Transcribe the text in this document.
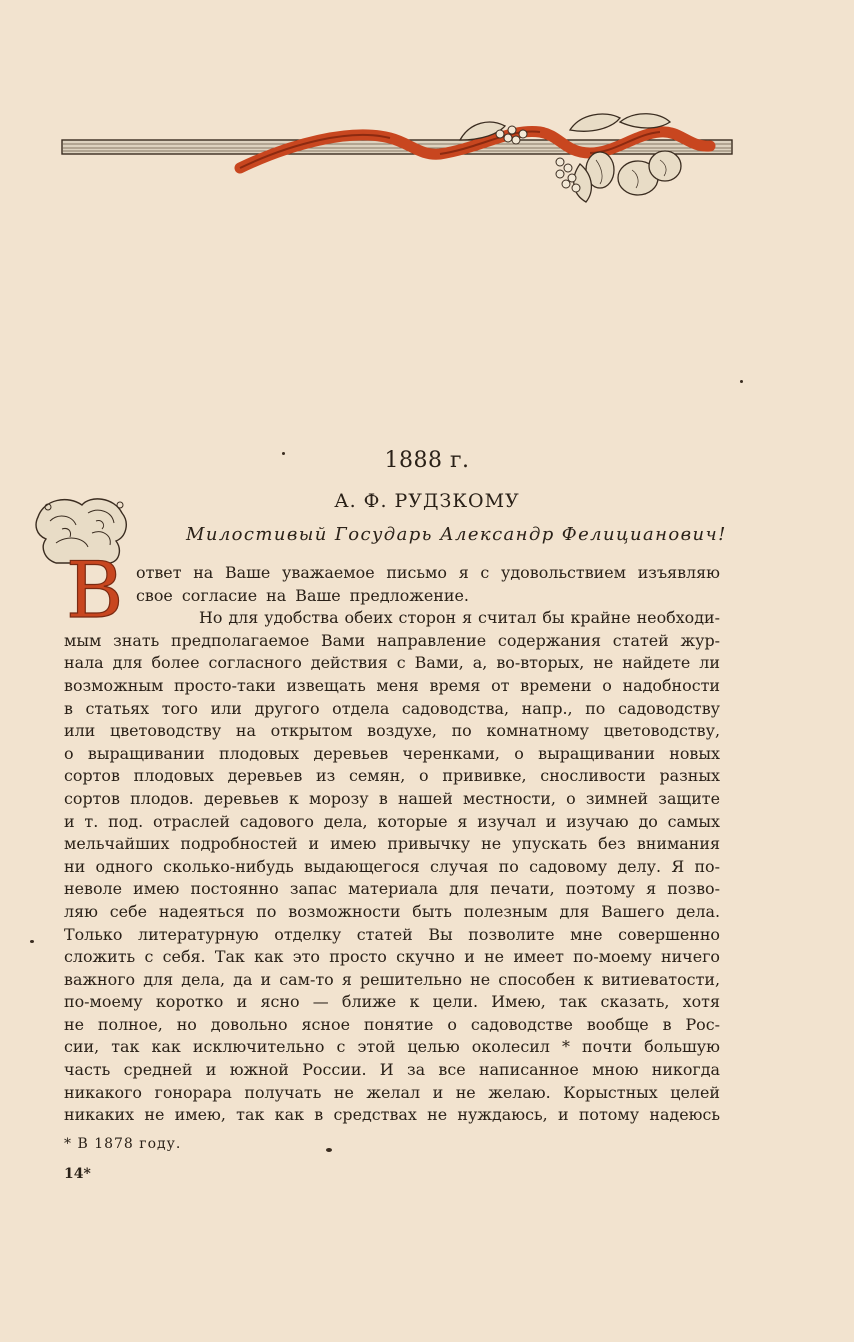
1888 г.
А. Ф. РУДЗКОМУ
Милостивый Государь Александр Фелицианович!
В ответ на Ваше уважаемое письмо я с удовольствием изъявляю
свое согласие на Ваше предложение.
Но для удобства обеих сторон я считал бы крайне необходи-
мым знать предполагаемое Вами направление содержания статей жур-
нала для более согласного действия с Вами, а, во-вторых, не найдете ли
возможным просто-таки извещать меня время от времени о надобности
в статьях того или другого отдела садоводства, напр., по садоводству
или цветоводству на открытом воздухе, по комнатному цветоводству,
о выращивании плодовых деревьев черенками, о выращивании новых
сортов плодовых деревьев из семян, о прививке, сносливости разных
сортов плодов. деревьев к морозу в нашей местности, о зимней защите
и т. под. отраслей садового дела, которые я изучал и изучаю до самых
мельчайших подробностей и имею привычку не упускать без внимания
ни одного сколько-нибудь выдающегося случая по садовому делу. Я по-
неволе имею постоянно запас материала для печати, поэтому я позво-
ляю себе надеяться по возможности быть полезным для Вашего дела.
Только литературную отделку статей Вы позволите мне совершенно
сложить с себя. Так как это просто скучно и не имеет по-моему ничего
важного для дела, да и сам-то я решительно не способен к витиеватости,
по-моему коротко и ясно — ближе к цели. Имею, так сказать, хотя
не полное, но довольно ясное понятие о садоводстве вообще в Рос-
сии, так как исключительно с этой целью околесил * почти большую
часть средней и южной России. И за все написанное мною никогда
никакого гонорара получать не желал и не желаю. Корыстных целей
никаких не имею, так как в средствах не нуждаюсь, и потому надеюсь
* В 1878 году.
14*
